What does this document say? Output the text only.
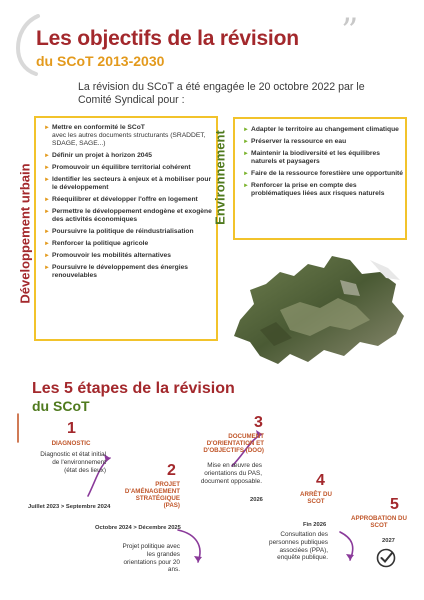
”
Les objectifs de la révision
du SCoT 2013-2030
La révision du SCoT a été engagée le 20 octobre 2022 par le Comité Syndical pour :
Développement urbain	Environnement
► Mettre en conformité le SCoT
avec les autres documents structurants (SRADDET, SDAGE, SAGE...)
► Définir un projet à horizon 2045
► Promouvoir un équilibre territorial cohérent
► Identifier les secteurs à enjeux et à mobiliser pour le développement
► Réequilibrer et développer l'offre en logement
► Permettre le développement endogène et exogène des activités économiques
► Poursuivre la politique de réindustrialisation
► Renforcer la politique agricole
► Promouvoir les mobilités alternatives
► Poursuivre le développement des énergies renouvelables
► Adapter le territoire au changement climatique
► Préserver la ressource en eau
► Maintenir la biodiversité et les équilibres naturels et paysagers
► Faire de la ressource forestière une opportunité
► Renforcer la prise en compte des problématiques liées aux risques naturels
Les 5 étapes de la révision
du SCoT
1
DIAGNOSTIC
Diagnostic et état initial de l'environnement (état des lieux)
Juillet 2023 > Septembre 2024
2
PROJET D'AMÉNAGEMENT STRATÉGIQUE (PAS)
Octobre 2024 > Décembre 2025
Projet politique avec les grandes orientations pour 20 ans.
3
DOCUMENT D'ORIENTATION ET D'OBJECTIFS (DOO)
Mise en œuvre des orientations du PAS, document opposable.
2026
4
ARRÊT DU SCOT
Fin 2026
Consultation des personnes publiques associées (PPA), enquête publique.
5
APPROBATION DU SCOT
2027
